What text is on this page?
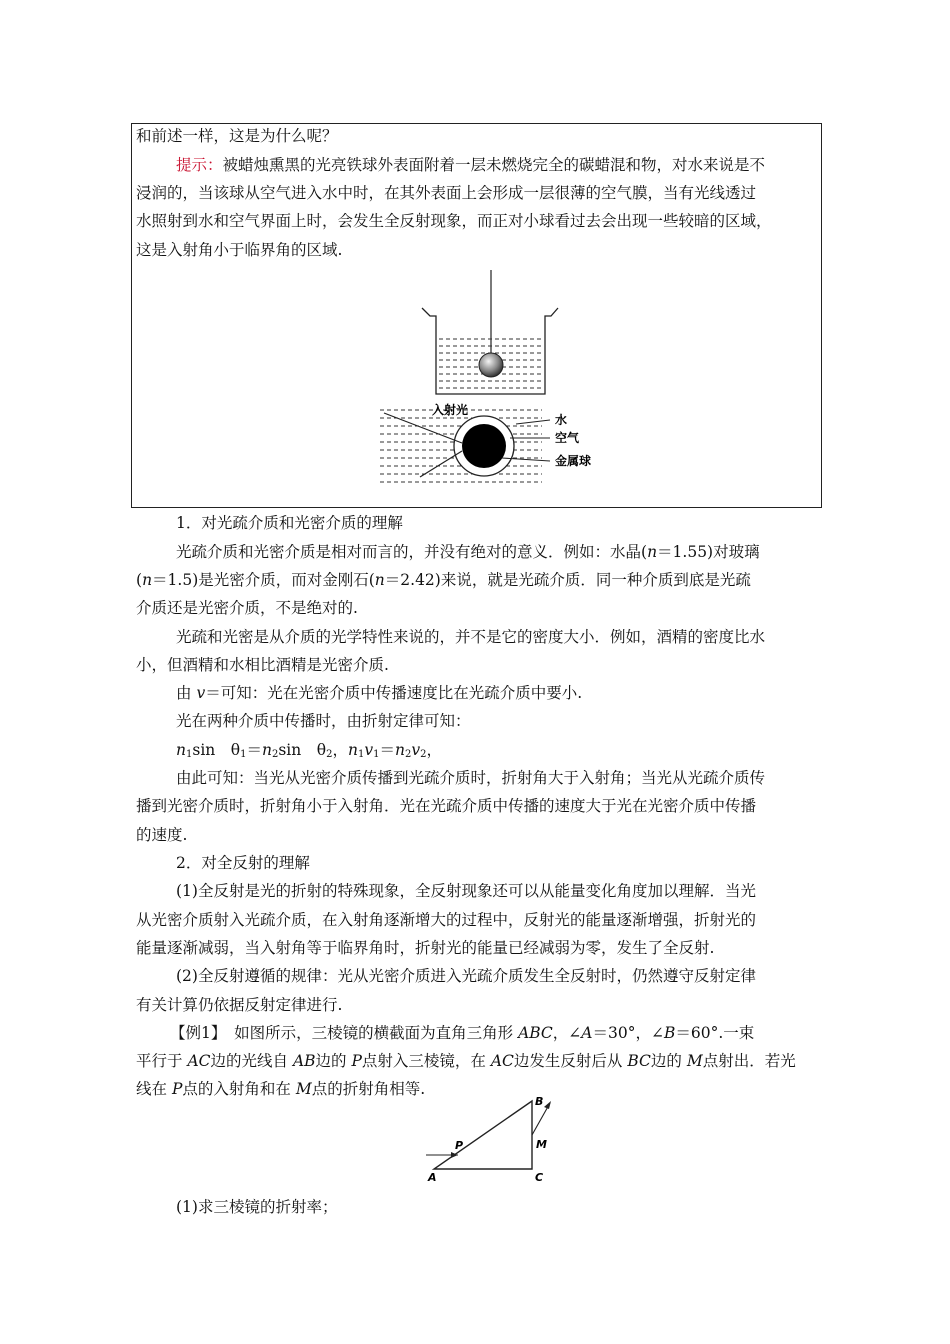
和前述一样，这是为什么呢？
提示：被蜡烛熏黑的光亮铁球外表面附着一层未燃烧完全的碳蜡混和物，对水来说是不
浸润的，当该球从空气进入水中时，在其外表面上会形成一层很薄的空气膜，当有光线透过
水照射到水和空气界面上时，会发生全反射现象，而正对小球看过去会出现一些较暗的区域，
这是入射角小于临界角的区域.
入射光
水
空气
金属球
1．对光疏介质和光密介质的理解
光疏介质和光密介质是相对而言的，并没有绝对的意义．例如：水晶(n＝1.55)对玻璃
(n＝1.5)是光密介质，而对金刚石(n＝2.42)来说，就是光疏介质．同一种介质到底是光疏
介质还是光密介质，不是绝对的.
光疏和光密是从介质的光学特性来说的，并不是它的密度大小．例如，酒精的密度比水
小，但酒精和水相比酒精是光密介质.
由 v＝可知：光在光密介质中传播速度比在光疏介质中要小.
光在两种介质中传播时，由折射定律可知：
$n_1\sin$　$\theta_1=n_2\sin$　$\theta_2$，$n_1v_1=n_2v_2$，
由此可知：当光从光密介质传播到光疏介质时，折射角大于入射角；当光从光疏介质传
播到光密介质时，折射角小于入射角．光在光疏介质中传播的速度大于光在光密介质中传播
的速度.
2．对全反射的理解
(1)全反射是光的折射的特殊现象，全反射现象还可以从能量变化角度加以理解．当光
从光密介质射入光疏介质，在入射角逐渐增大的过程中，反射光的能量逐渐增强，折射光的
能量逐渐减弱，当入射角等于临界角时，折射光的能量已经减弱为零，发生了全反射.
(2)全反射遵循的规律：光从光密介质进入光疏介质发生全反射时，仍然遵守反射定律
有关计算仍依据反射定律进行.
【例1】　如图所示，三棱镜的横截面为直角三角形 ABC，∠A＝30°，∠B＝60°.一束
平行于 AC边的光线自 AB边的 P点射入三棱镜，在 AC边发生反射后从 BC边的 M点射出．若光
线在 P点的入射角和在 M点的折射角相等.
A
B
C
P	M
(1)求三棱镜的折射率；
